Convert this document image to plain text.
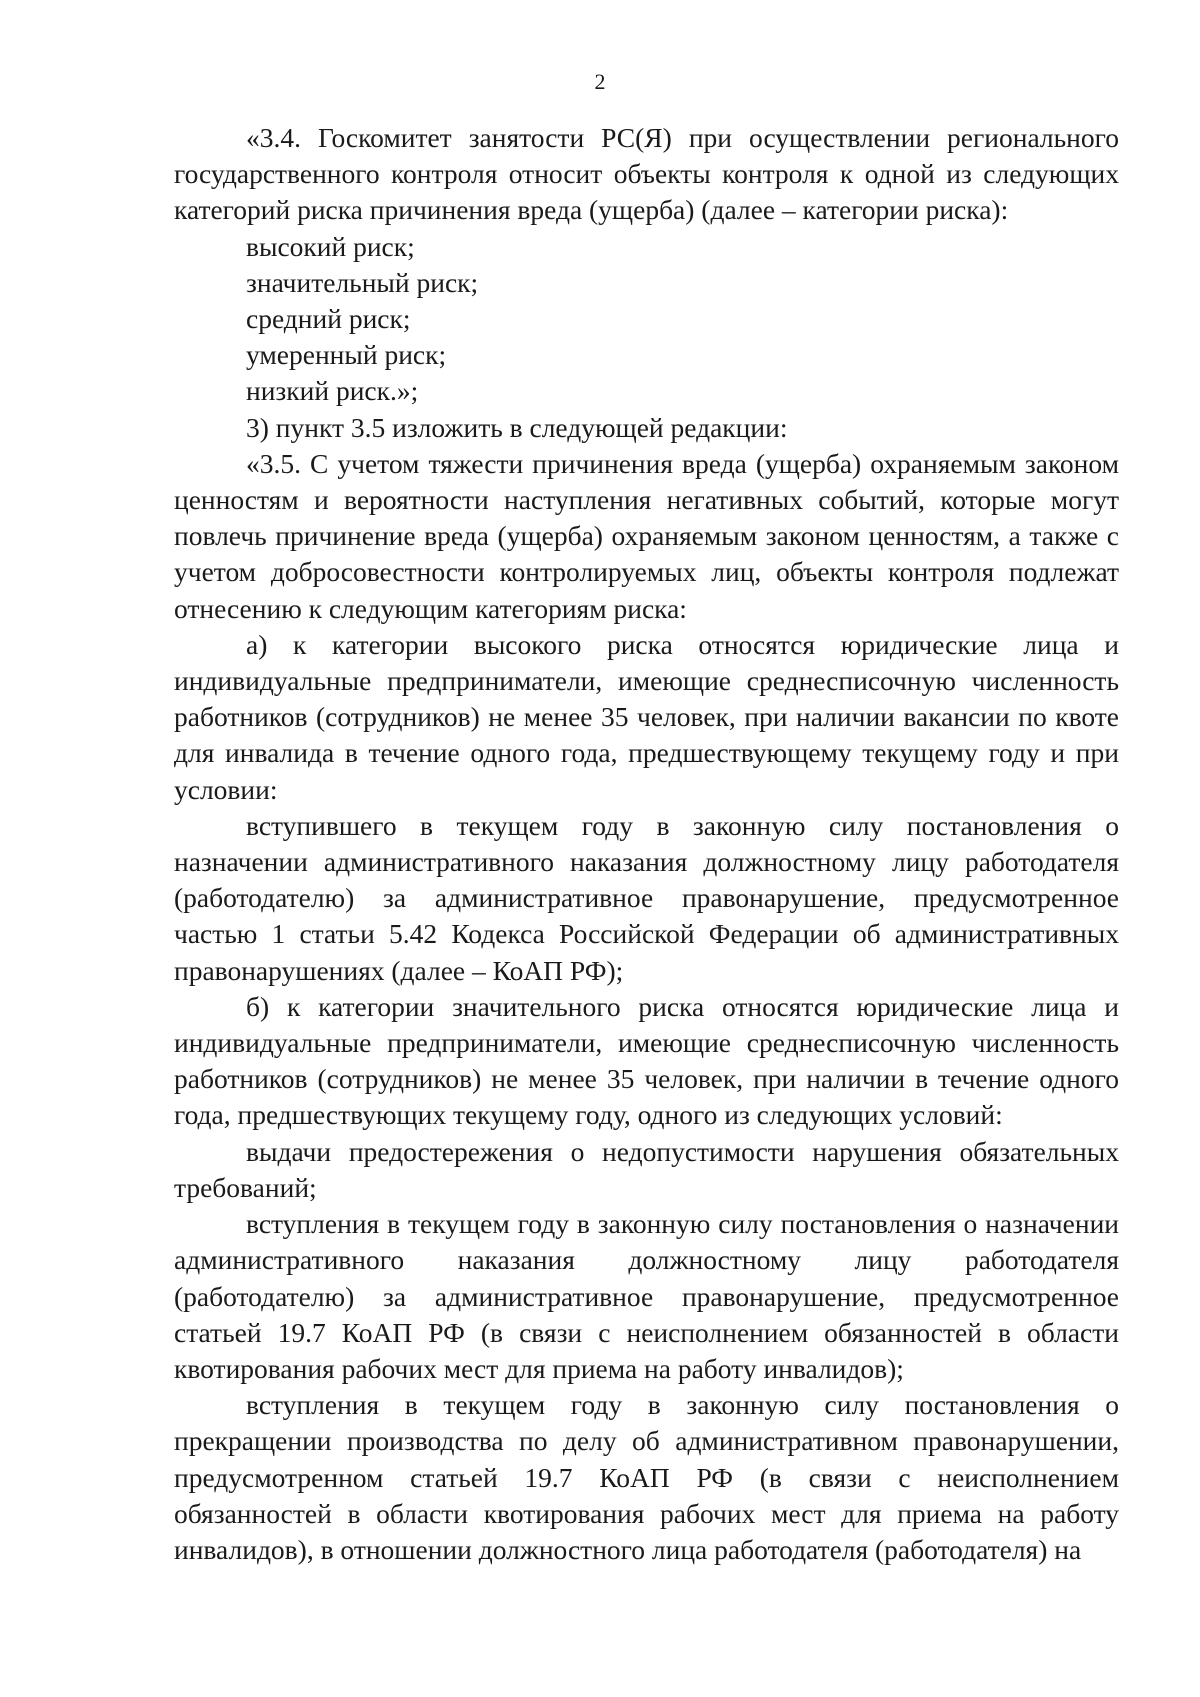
2

«3.4. Госкомитет занятости РС(Я) при осуществлении регионального государственного контроля относит объекты контроля к одной из следующих категорий риска причинения вреда (ущерба) (далее – категории риска):

высокий риск;

значительный риск;

средний риск;

умеренный риск;

низкий риск.»;

3) пункт 3.5 изложить в следующей редакции:

«3.5. С учетом тяжести причинения вреда (ущерба) охраняемым законом ценностям и вероятности наступления негативных событий, которые могут повлечь причинение вреда (ущерба) охраняемым законом ценностям, а также с учетом добросовестности контролируемых лиц, объекты контроля подлежат отнесению к следующим категориям риска:

а) к категории высокого риска относятся юридические лица и индивидуальные предприниматели, имеющие среднесписочную численность работников (сотрудников) не менее 35 человек, при наличии вакансии по квоте для инвалида в течение одного года, предшествующему текущему году и при условии:

вступившего в текущем году в законную силу постановления о назначении административного наказания должностному лицу работодателя (работодателю) за административное правонарушение, предусмотренное частью 1 статьи 5.42 Кодекса Российской Федерации об административных правонарушениях (далее – КоАП РФ);

б) к категории значительного риска относятся юридические лица и индивидуальные предприниматели, имеющие среднесписочную численность работников (сотрудников) не менее 35 человек, при наличии в течение одного года, предшествующих текущему году, одного из следующих условий:

выдачи предостережения о недопустимости нарушения обязательных требований;

вступления в текущем году в законную силу постановления о назначении административного наказания должностному лицу работодателя (работодателю) за административное правонарушение, предусмотренное статьей 19.7 КоАП РФ (в связи с неисполнением обязанностей в области квотирования рабочих мест для приема на работу инвалидов);

вступления в текущем году в законную силу постановления о прекращении производства по делу об административном правонарушении, предусмотренном статьей 19.7 КоАП РФ (в связи с неисполнением обязанностей в области квотирования рабочих мест для приема на работу инвалидов), в отношении должностного лица работодателя (работодателя) на
